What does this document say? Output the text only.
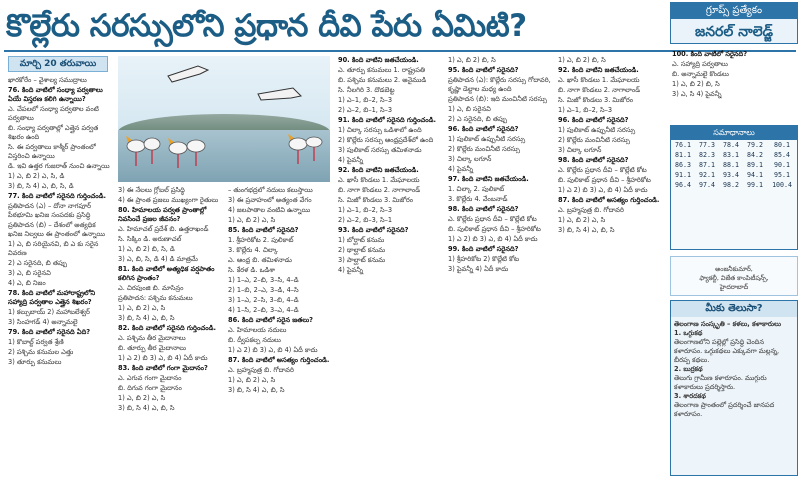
కొల్లేరు సరస్సులోని ప్రధాన దీవి పేరు ఏమిటి?	గ్రూప్స్ ప్రత్యేకం
జనరల్ నాలెడ్జ్
మార్చి 20 తరువాయి

ఖారకోరేం – వైశాల్య సముద్రాలు

76. కింది వాటిలో సంధ్యా పర్వతాలు ఏయే విస్తరణ కలిగి ఉన్నాయి?

ఎ. చేపలలో సంధ్యా పర్వతాల వంటి పర్వతాలు

బి. సంధ్యా పర్వతాల్లో ఎత్తైన పర్వత శిఖరం ఉంది

సి. ఈ పర్వతాలు కాశ్మీర్ ప్రాంతంలో విస్తరించి ఉన్నాయి

డి. ఇవి ఉత్తర గుజరాత్ నుంచి ఉన్నాయి

1) ఎ, బి 2) ఎ, సి, డి

3) బి, సి 4) ఎ, బి, సి, డి

77. కింది వాటిలో సరైనది గుర్తించండి.

ప్రతిపాదన (ఎ) – దోనా నాగపూర్ పీఠభూమి ఖనిజ సంపదకు ప్రసిద్ధి

ప్రతిపాదన (బి) – దేశంలో అత్యధిక ఖనిజ నిల్వలు ఈ ప్రాంతంలో ఉన్నాయి

1) ఎ, బి సరియైనవి, బి ఎ కు సరైన వివరణ

2) ఎ సరైనది, బి తప్పు

3) ఎ, బి సరైనవి

4) ఎ, బి నిజం

78. కింది వాటిలో మహారాష్ట్రలోని సహ్యాద్రి పర్వతాల ఎత్తైన శిఖరం?

1) కల్సుబాయ్ 2) మహాబలేశ్వర్

3) సింహగడ్ 4) అన్నామలై

79. కింది వాటిలో సరైనది ఏది?

1) కొబాల్ట్ పర్వత శ్రేణి

2) పశ్చిమ కనుమల ఎత్తు

3) తూర్పు కనుమలు

3) ఈ నేలలు గ్లోబల్ ప్రసిద్ధి

4) ఈ ప్రాంత ప్రజలు ముఖ్యంగా రైతులు

80. హిమాలయ పర్వత ప్రాంతాల్లో నివసించే ప్రజల జీవనం?

ఎ. హిమాచల్ ప్రదేశ్ బి. ఉత్తరాఖండ్

సి. సిక్కిం డి. అరుణాచల్

1) ఎ, బి 2) బి, సి, డి

3) ఎ, బి, సి, డి 4) డి మాత్రమే

81. కింది వాటిలో అత్యధిక వర్షపాతం కలిగిన ప్రాంతం?

ఎ. చిరపుంజి బి. మాసిన్రం

ప్రతిపాదన: పశ్చిమ కనుమలు

1) ఎ, బి 2) ఎ, సి

3) బి, సి 4) ఎ, బి, సి

82. కింది వాటిలో సరైనది గుర్తించండి.

ఎ. పశ్చిమ తీర మైదానాలు

బి. తూర్పు తీర మైదానాలు

1) ఎ 2) బి 3) ఎ, బి 4) ఏదీ కాదు

83. కింది వాటిలో గంగా మైదానం?

ఎ. ఎగువ గంగా మైదానం

బి. దిగువ గంగా మైదానం

1) ఎ, బి 2) ఎ, సి

3) బి, సి 4) ఎ, బి, సి

– తుంగభద్రలో నదులు కలుస్తాయి

3) ఈ ప్రవాహంలో అత్యంత వేగం

4) జలపాతాల వంటివి ఉన్నాయి

1) ఎ, బి 2) ఎ, సి

85. కింది వాటిలో సరైనది?

1. శ్రీహరికోట 2. పులికాట్

3. కొల్లేరు 4. చిల్కా

ఎ. ఆంధ్ర బి. తమిళనాడు

సి. కేరళ డి. ఒడిశా

1) 1–ఎ, 2–బి, 3–సి, 4–డి

2) 1–బి, 2–ఎ, 3–డి, 4–సి

3) 1–ఎ, 2–సి, 3–బి, 4–డి

4) 1–సి, 2–బి, 3–ఎ, 4–డి

86. కింది వాటిలో సరైన జతలు?

ఎ. హిమాలయ నదులు

బి. ద్వీపకల్ప నదులు

1) ఎ 2) బి 3) ఎ, బి 4) ఏదీ కాదు

87. కింది వాటిలో అసత్యం గుర్తించండి.

ఎ. బ్రహ్మపుత్ర బి. గోదావరి

1) ఎ, బి 2) ఎ, సి

3) బి, సి 4) ఎ, బి, సి

90. కింది వాటిని జతచేయండి.

ఎ. తూర్పు కనుమలు 1. రాష్ట్రపతి

బి. పశ్చిమ కనుమలు 2. అనైముడి

సి. నీలగిరి 3. దొడబెట్ట

1) ఎ–1, బి–2, సి–3

2) ఎ–2, బి–1, సి–3

91. కింది వాటిలో సరైనది గుర్తించండి.

1) చిల్కా సరస్సు ఒడిశాలో ఉంది

2) కొల్లేరు సరస్సు ఆంధ్రప్రదేశ్‌లో ఉంది

3) పులికాట్ సరస్సు తమిళనాడు

4) పైవన్నీ

92. కింది వాటిని జతచేయండి.

ఎ. ఖాసీ కొండలు 1. మేఘాలయ

బి. నాగా కొండలు 2. నాగాలాండ్

సి. మిజో కొండలు 3. మిజోరం

1) ఎ–1, బి–2, సి–3

2) ఎ–2, బి–3, సి–1

93. కింది వాటిలో సరైనది?

1) బోర్ఘాట్ కనుమ

2) థాల్ఘాట్ కనుమ

3) పాల్ఘాట్ కనుమ

4) పైవన్నీ

1) ఎ, బి 2) బి, సి

95. కింది వాటిలో సరైనది?

ప్రతిపాదన (ఎ): కొల్లేరు సరస్సు గోదావరి, కృష్ణా డెల్టాల మధ్య ఉంది

ప్రతిపాదన (బి): ఇది మంచినీటి సరస్సు

1) ఎ, బి సరైనవి

2) ఎ సరైనది, బి తప్పు

96. కింది వాటిలో సరైనది?

1) పులికాట్ ఉప్పునీటి సరస్సు

2) కొల్లేరు మంచినీటి సరస్సు

3) చిల్కా లగూన్

4) పైవన్నీ

97. కింది వాటిని జతచేయండి.

1. చిల్కా 2. పులికాట్

3. కొల్లేరు 4. వేంబనాడ్

98. కింది వాటిలో సరైనది?

ఎ. కొల్లేరు ప్రధాన దీవి – కొల్లేటి కోట

బి. పులికాట్ ప్రధాన దీవి – శ్రీహరికోట

1) ఎ 2) బి 3) ఎ, బి 4) ఏదీ కాదు

99. కింది వాటిలో సరైనది?

1) శ్రీహరికోట 2) కొల్లేటి కోట

3) పైవన్నీ 4) ఏదీ కాదు

1) ఎ, బి 2) బి, సి

92. కింది వాటిని జతచేయండి.

ఎ. ఖాసీ కొండలు 1. మేఘాలయ

బి. నాగా కొండలు 2. నాగాలాండ్

సి. మిజో కొండలు 3. మిజోరం

1) ఎ–1, బి–2, సి–3

96. కింది వాటిలో సరైనది?

1) పులికాట్ ఉప్పునీటి సరస్సు

2) కొల్లేరు మంచినీటి సరస్సు

3) చిల్కా లగూన్

98. కింది వాటిలో సరైనది?

ఎ. కొల్లేరు ప్రధాన దీవి – కొల్లేటి కోట

బి. పులికాట్ ప్రధాన దీవి – శ్రీహరికోట

1) ఎ 2) బి 3) ఎ, బి 4) ఏదీ కాదు

87. కింది వాటిలో అసత్యం గుర్తించండి.

ఎ. బ్రహ్మపుత్ర బి. గోదావరి

1) ఎ, బి 2) ఎ, సి

3) బి, సి 4) ఎ, బి, సి

100. కింది వాటిలో సరైనది?

ఎ. సహ్యాద్రి పర్వతాలు

బి. అన్నామలై కొండలు

1) ఎ, బి 2) బి, సి

3) ఎ, సి 4) పైవన్నీ

సమాధానాలు
76.1	77.3	78.4	79.2	80.1
81.1	82.3	83.1	84.2	85.4
86.3	87.1	88.1	89.1	90.1
91.1	92.1	93.4	94.1	95.1
96.4	97.4	98.2	99.1	100.4
అంజనీకుమార్,
ఫ్యాకల్టీ, విజేత కాంపిటీషన్స్,
హైదరాబాద్
మీకు తెలుసా?

తెలంగాణ సంస్కృతి – కళలు, కళాకారులు

1. ఒగ్గుకథ

తెలంగాణలోని పల్లెల్లో ప్రసిద్ధి చెందిన కళారూపం. ఒగ్గుకథలు ఎక్కువగా మల్లన్న, బీరప్ప కథలు.

2. బుర్రకథ

తెలుగు గ్రామీణ కళారూపం. ముగ్గురు కళాకారులు ప్రదర్శిస్తారు.

3. శారదకథ

తెలంగాణ ప్రాంతంలో ప్రదర్శించే జానపద కళారూపం.
